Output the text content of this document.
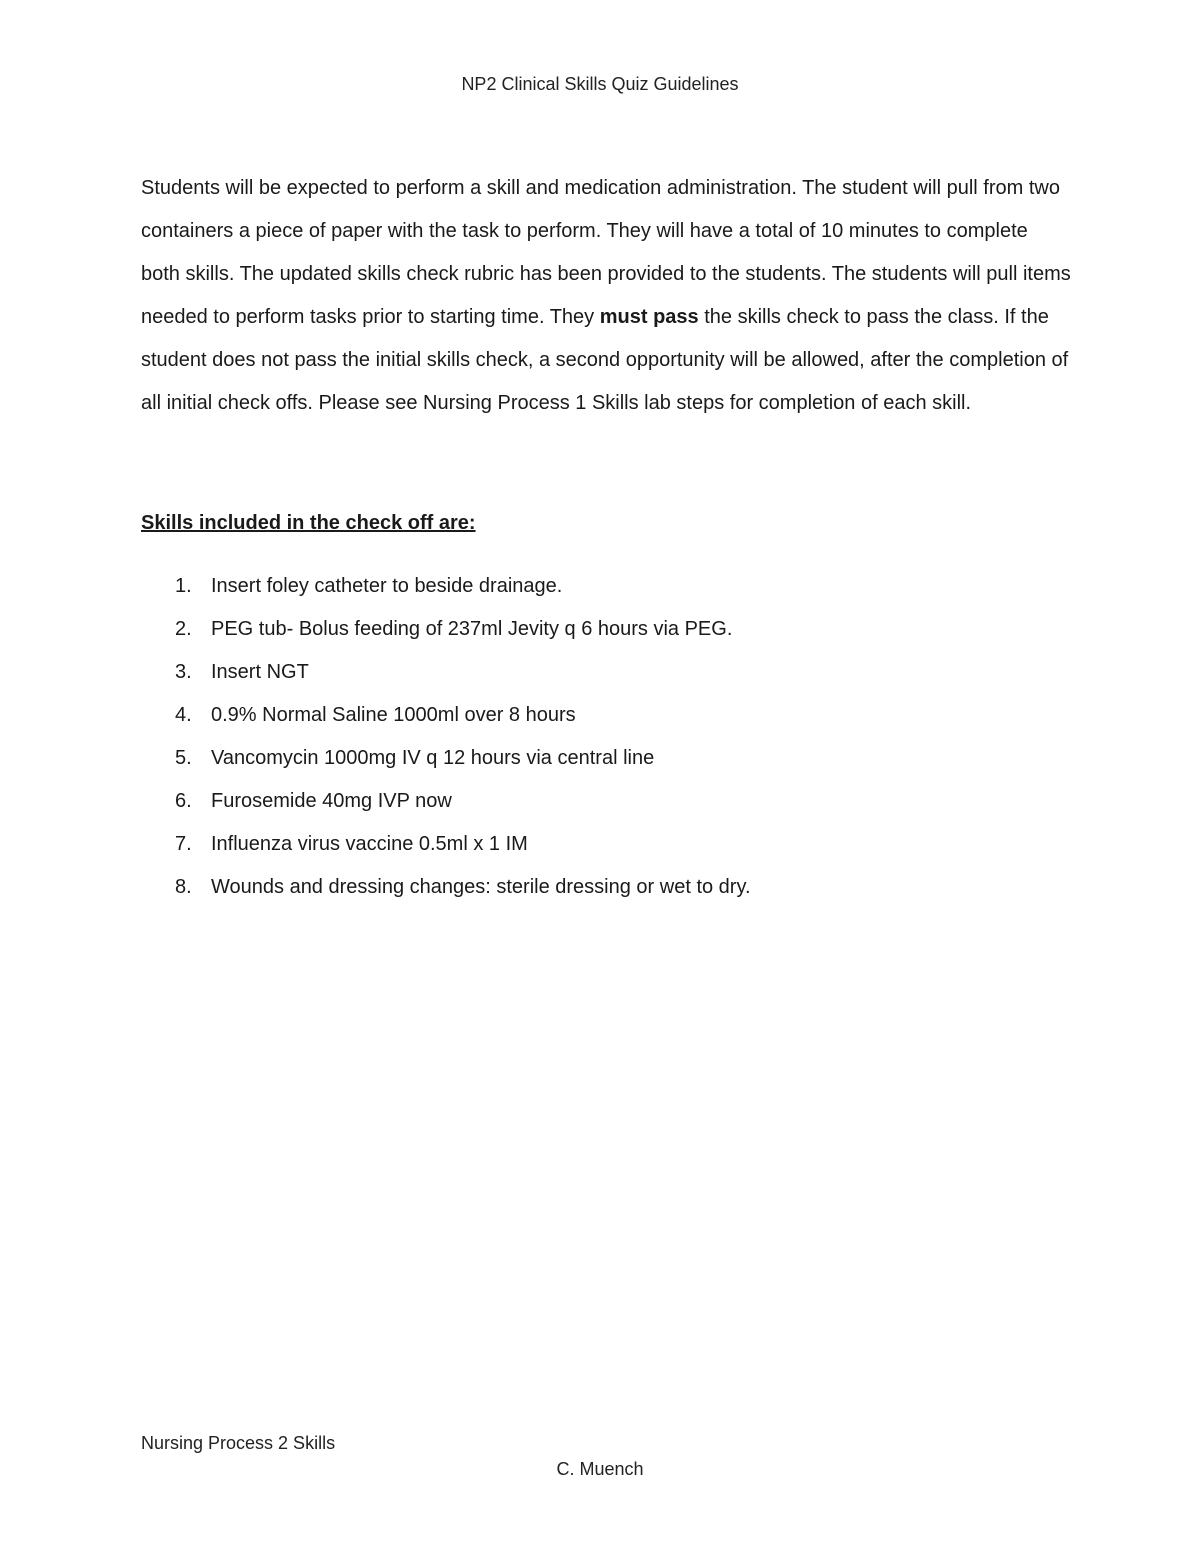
NP2 Clinical Skills Quiz Guidelines

Students will be expected to perform a skill and medication administration. The student will pull from two containers a piece of paper with the task to perform. They will have a total of 10 minutes to complete both skills. The updated skills check rubric has been provided to the students. The students will pull items needed to perform tasks prior to starting time. They must pass the skills check to pass the class. If the student does not pass the initial skills check, a second opportunity will be allowed, after the completion of all initial check offs. Please see Nursing Process 1 Skills lab steps for completion of each skill.

Skills included in the check off are:

1. Insert foley catheter to beside drainage.
2. PEG tub- Bolus feeding of 237ml Jevity q 6 hours via PEG.
3. Insert NGT
4. 0.9% Normal Saline 1000ml over 8 hours
5. Vancomycin 1000mg IV q 12 hours via central line
6. Furosemide 40mg IVP now
7. Influenza virus vaccine 0.5ml x 1 IM
8. Wounds and dressing changes: sterile dressing or wet to dry.
Nursing Process 2 Skills
C. Muench
